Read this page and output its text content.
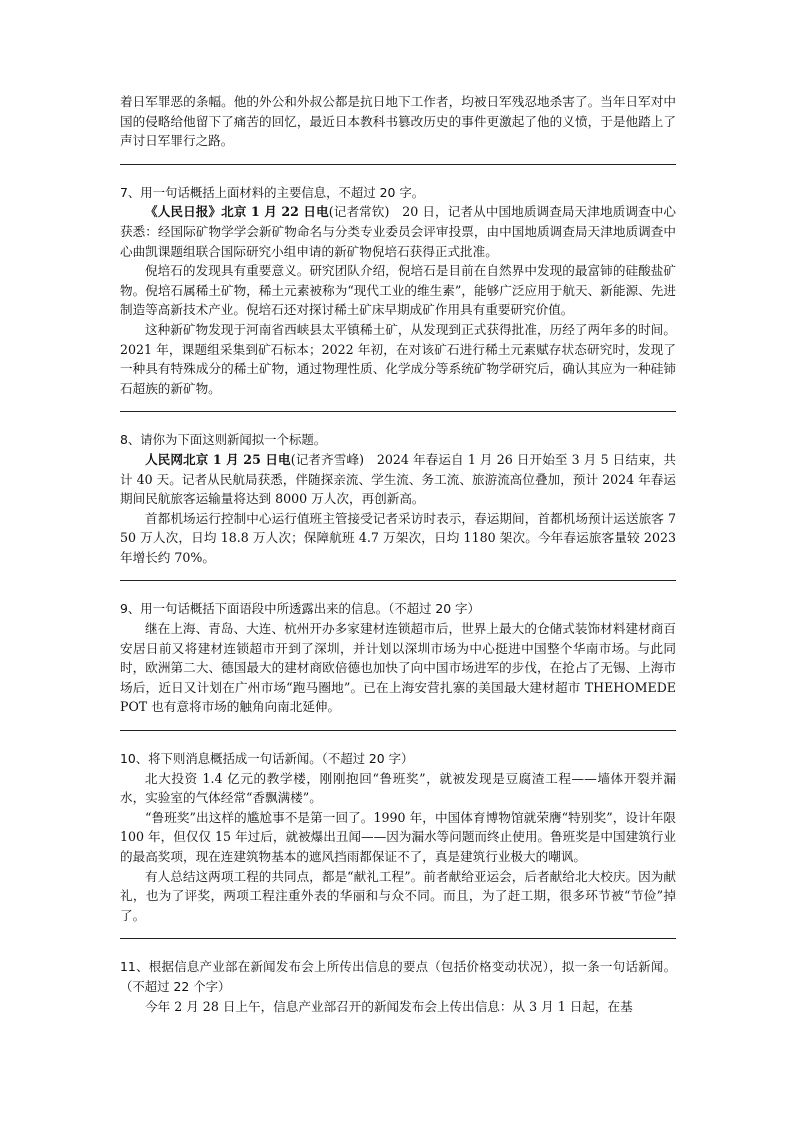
着日军罪恶的条幅。他的外公和外叔公都是抗日地下工作者，均被日军残忍地杀害了。当年日军对中国的侵略给他留下了痛苦的回忆，最近日本教科书篡改历史的事件更激起了他的义愤，于是他踏上了声讨日军罪行之路。

7、用一句话概括上面材料的主要信息，不超过 20 字。

《人民日报》北京 1 月 22 日电(记者常钦)　20 日，记者从中国地质调查局天津地质调查中心获悉：经国际矿物学学会新矿物命名与分类专业委员会评审投票，由中国地质调查局天津地质调查中心曲凯课题组联合国际研究小组申请的新矿物倪培石获得正式批准。

倪培石的发现具有重要意义。研究团队介绍，倪培石是目前在自然界中发现的最富铈的硅酸盐矿物。倪培石属稀土矿物，稀土元素被称为“现代工业的维生素”，能够广泛应用于航天、新能源、先进制造等高新技术产业。倪培石还对探讨稀土矿床早期成矿作用具有重要研究价值。

这种新矿物发现于河南省西峡县太平镇稀土矿，从发现到正式获得批准，历经了两年多的时间。2021 年，课题组采集到矿石标本；2022 年初，在对该矿石进行稀土元素赋存状态研究时，发现了一种具有特殊成分的稀土矿物，通过物理性质、化学成分等系统矿物学研究后，确认其应为一种硅铈石超族的新矿物。

8、请你为下面这则新闻拟一个标题。

人民网北京 1 月 25 日电(记者齐雪峰)　2024 年春运自 1 月 26 日开始至 3 月 5 日结束，共计 40 天。记者从民航局获悉，伴随探亲流、学生流、务工流、旅游流高位叠加，预计 2024 年春运期间民航旅客运输量将达到 8000 万人次，再创新高。

首都机场运行控制中心运行值班主管接受记者采访时表示，春运期间，首都机场预计运送旅客 750 万人次，日均 18.8 万人次；保障航班 4.7 万架次，日均 1180 架次。今年春运旅客量较 2023 年增长约 70%。

9、用一句话概括下面语段中所透露出来的信息。（不超过 20 字）

继在上海、青岛、大连、杭州开办多家建材连锁超市后，世界上最大的仓储式装饰材料建材商百安居日前又将建材连锁超市开到了深圳，并计划以深圳市场为中心挺进中国整个华南市场。与此同时，欧洲第二大、德国最大的建材商欧倍德也加快了向中国市场进军的步伐，在抢占了无锡、上海市场后，近日又计划在广州市场“跑马圈地”。已在上海安营扎寨的美国最大建材超市 THEHOMEDEPOT 也有意将市场的触角向南北延伸。

10、将下则消息概括成一句话新闻。（不超过 20 字）

北大投资 1.4 亿元的教学楼，刚刚抱回“鲁班奖”，就被发现是豆腐渣工程——墙体开裂并漏水，实验室的气体经常“香飘满楼”。

“鲁班奖”出这样的尴尬事不是第一回了。1990 年，中国体育博物馆就荣膺“特别奖”，设计年限 100 年，但仅仅 15 年过后，就被爆出丑闻——因为漏水等问题而终止使用。鲁班奖是中国建筑行业的最高奖项，现在连建筑物基本的遮风挡雨都保证不了，真是建筑行业极大的嘲讽。

有人总结这两项工程的共同点，都是“献礼工程”。前者献给亚运会，后者献给北大校庆。因为献礼，也为了评奖，两项工程注重外表的华丽和与众不同。而且，为了赶工期，很多环节被“节俭”掉了。

11、根据信息产业部在新闻发布会上所传出信息的要点（包括价格变动状况），拟一条一句话新闻。（不超过 22 个字）

今年 2 月 28 日上午，信息产业部召开的新闻发布会上传出信息：从 3 月 1 日起，在基
